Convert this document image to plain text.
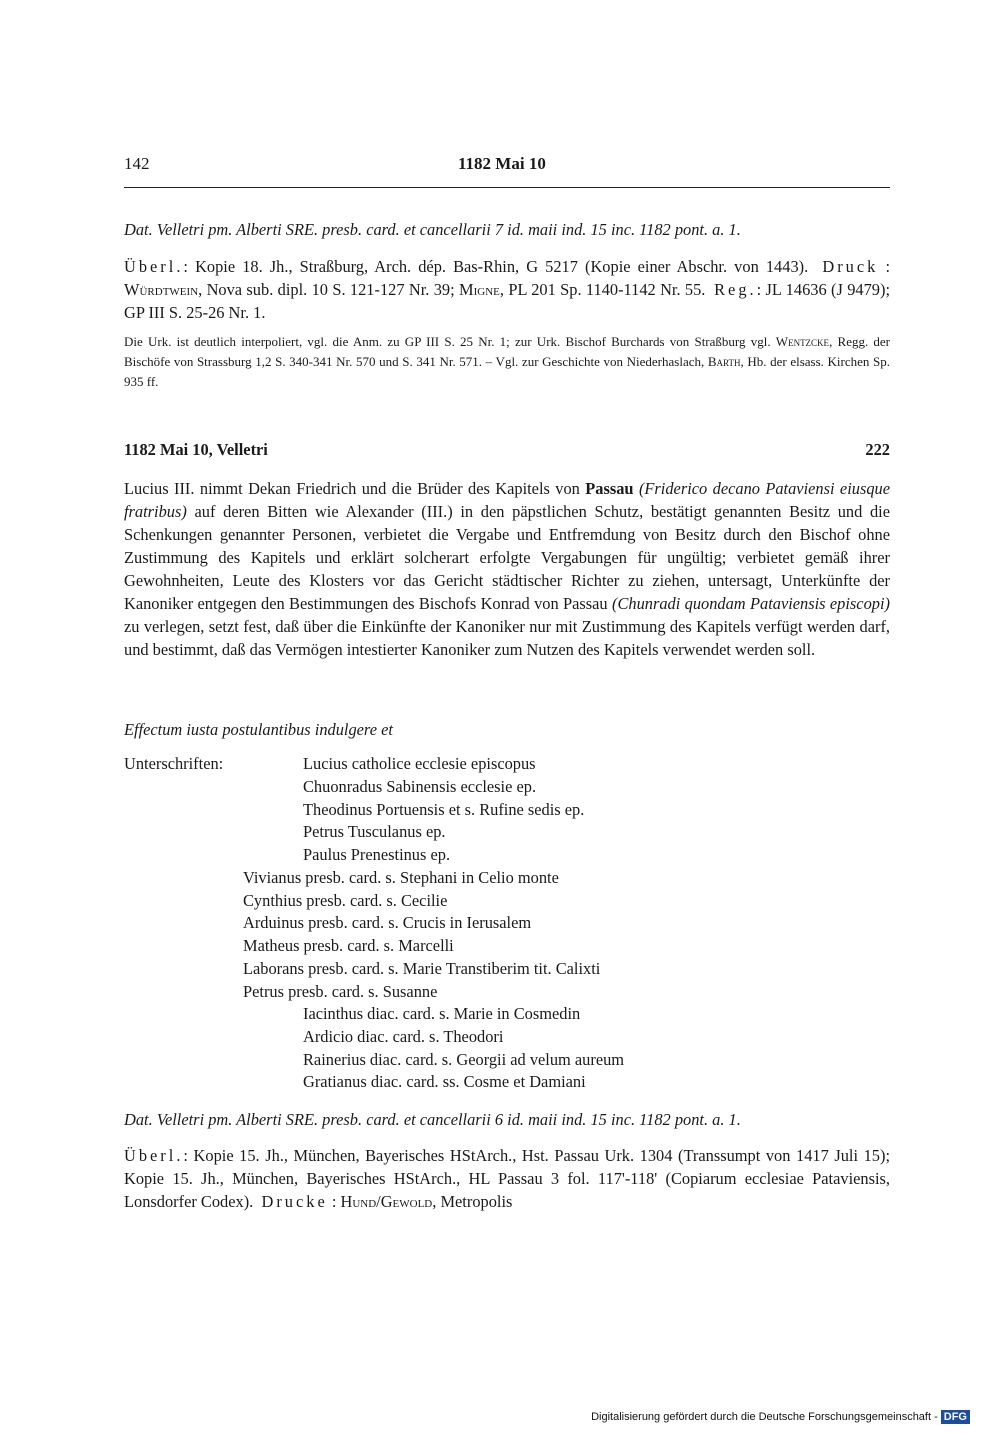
142	1182 Mai 10
Dat. Velletri pm. Alberti SRE. presb. card. et cancellarii 7 id. maii ind. 15 inc. 1182 pont. a. 1.
Überl.: Kopie 18. Jh., Straßburg, Arch. dép. Bas-Rhin, G 5217 (Kopie einer Abschr. von 1443). Druck : Würdtwein, Nova sub. dipl. 10 S. 121-127 Nr. 39; Migne, PL 201 Sp. 1140-1142 Nr. 55. Reg.: JL 14636 (J 9479); GP III S. 25-26 Nr. 1.
Die Urk. ist deutlich interpoliert, vgl. die Anm. zu GP III S. 25 Nr. 1; zur Urk. Bischof Burchards von Straßburg vgl. Wentzcke, Regg. der Bischöfe von Strassburg 1,2 S. 340-341 Nr. 570 und S. 341 Nr. 571. – Vgl. zur Geschichte von Niederhaslach, Barth, Hb. der elsass. Kirchen Sp. 935 ff.
1182 Mai 10, Velletri	222
Lucius III. nimmt Dekan Friedrich und die Brüder des Kapitels von Passau (Friderico decano Pataviensi eiusque fratribus) auf deren Bitten wie Alexander (III.) in den päpstlichen Schutz, bestätigt genannten Besitz und die Schenkungen genannter Personen, verbietet die Vergabe und Entfremdung von Besitz durch den Bischof ohne Zustimmung des Kapitels und erklärt solcherart erfolgte Vergabungen für ungültig; verbietet gemäß ihrer Gewohnheiten, Leute des Klosters vor das Gericht städtischer Richter zu ziehen, untersagt, Unterkünfte der Kanoniker entgegen den Bestimmungen des Bischofs Konrad von Passau (Chunradi quondam Pataviensis episcopi) zu verlegen, setzt fest, daß über die Einkünfte der Kanoniker nur mit Zustimmung des Kapitels verfügt werden darf, und bestimmt, daß das Vermögen intestierter Kanoniker zum Nutzen des Kapitels verwendet werden soll.
Effectum iusta postulantibus indulgere et
Unterschriften:	Lucius catholice ecclesie episcopus
Chuonradus Sabinensis ecclesie ep.
Theodinus Portuensis et s. Rufine sedis ep.
Petrus Tusculanus ep.
Paulus Prenestinus ep.
Vivianus presb. card. s. Stephani in Celio monte
Cynthius presb. card. s. Cecilie
Arduinus presb. card. s. Crucis in Ierusalem
Matheus presb. card. s. Marcelli
Laborans presb. card. s. Marie Transtiberim tit. Calixti
Petrus presb. card. s. Susanne
Iacinthus diac. card. s. Marie in Cosmedin
Ardicio diac. card. s. Theodori
Rainerius diac. card. s. Georgii ad velum aureum
Gratianus diac. card. ss. Cosme et Damiani
Dat. Velletri pm. Alberti SRE. presb. card. et cancellarii 6 id. maii ind. 15 inc. 1182 pont. a. 1.
Überl.: Kopie 15. Jh., München, Bayerisches HStArch., Hst. Passau Urk. 1304 (Transsumpt von 1417 Juli 15); Kopie 15. Jh., München, Bayerisches HStArch., HL Passau 3 fol. 117'-118' (Copiarum ecclesiae Pataviensis, Lonsdorfer Codex). Drucke : Hund/Gewold, Metropolis
Digitalisierung gefördert durch die Deutsche Forschungsgemeinschaft - DFG
